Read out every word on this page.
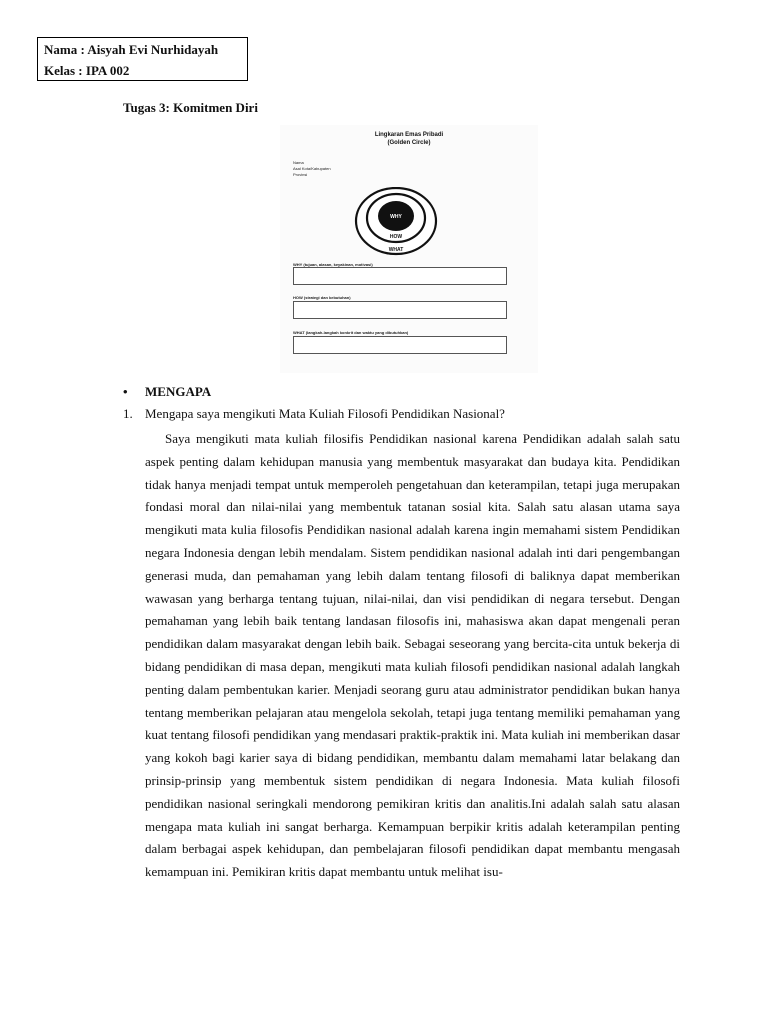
Nama : Aisyah Evi Nurhidayah
Kelas : IPA 002
Tugas 3: Komitmen Diri
Lingkaran Emas Pribadi
(Golden Circle)
Nama
Asal Kota/Kabupaten
Provinsi
WHY
HOW
WHAT
WHY (tujuan, alasan, keyakinan, motivasi)
HOW (strategi dan kebutuhan)
WHAT (langkah-langkah konkrit dan waktu yang dibutuhkan)
• MENGAPA
1. Mengapa saya mengikuti Mata Kuliah Filosofi Pendidikan Nasional?
Saya mengikuti mata kuliah filosifis Pendidikan nasional karena Pendidikan adalah salah satu aspek penting dalam kehidupan manusia yang membentuk masyarakat dan budaya kita. Pendidikan tidak hanya menjadi tempat untuk memperoleh pengetahuan dan keterampilan, tetapi juga merupakan fondasi moral dan nilai-nilai yang membentuk tatanan sosial kita. Salah satu alasan utama saya mengikuti mata kulia filosofis Pendidikan nasional adalah karena ingin memahami sistem Pendidikan negara Indonesia dengan lebih mendalam. Sistem pendidikan nasional adalah inti dari pengembangan generasi muda, dan pemahaman yang lebih dalam tentang filosofi di baliknya dapat memberikan wawasan yang berharga tentang tujuan, nilai-nilai, dan visi pendidikan di negara tersebut. Dengan pemahaman yang lebih baik tentang landasan filosofis ini, mahasiswa akan dapat mengenali peran pendidikan dalam masyarakat dengan lebih baik. Sebagai seseorang yang bercita-cita untuk bekerja di bidang pendidikan di masa depan, mengikuti mata kuliah filosofi pendidikan nasional adalah langkah penting dalam pembentukan karier. Menjadi seorang guru atau administrator pendidikan bukan hanya tentang memberikan pelajaran atau mengelola sekolah, tetapi juga tentang memiliki pemahaman yang kuat tentang filosofi pendidikan yang mendasari praktik-praktik ini. Mata kuliah ini memberikan dasar yang kokoh bagi karier saya di bidang pendidikan, membantu dalam memahami latar belakang dan prinsip-prinsip yang membentuk sistem pendidikan di negara Indonesia. Mata kuliah filosofi pendidikan nasional seringkali mendorong pemikiran kritis dan analitis.Ini adalah salah satu alasan mengapa mata kuliah ini sangat berharga. Kemampuan berpikir kritis adalah keterampilan penting dalam berbagai aspek kehidupan, dan pembelajaran filosofi pendidikan dapat membantu mengasah kemampuan ini. Pemikiran kritis dapat membantu untuk melihat isu-
